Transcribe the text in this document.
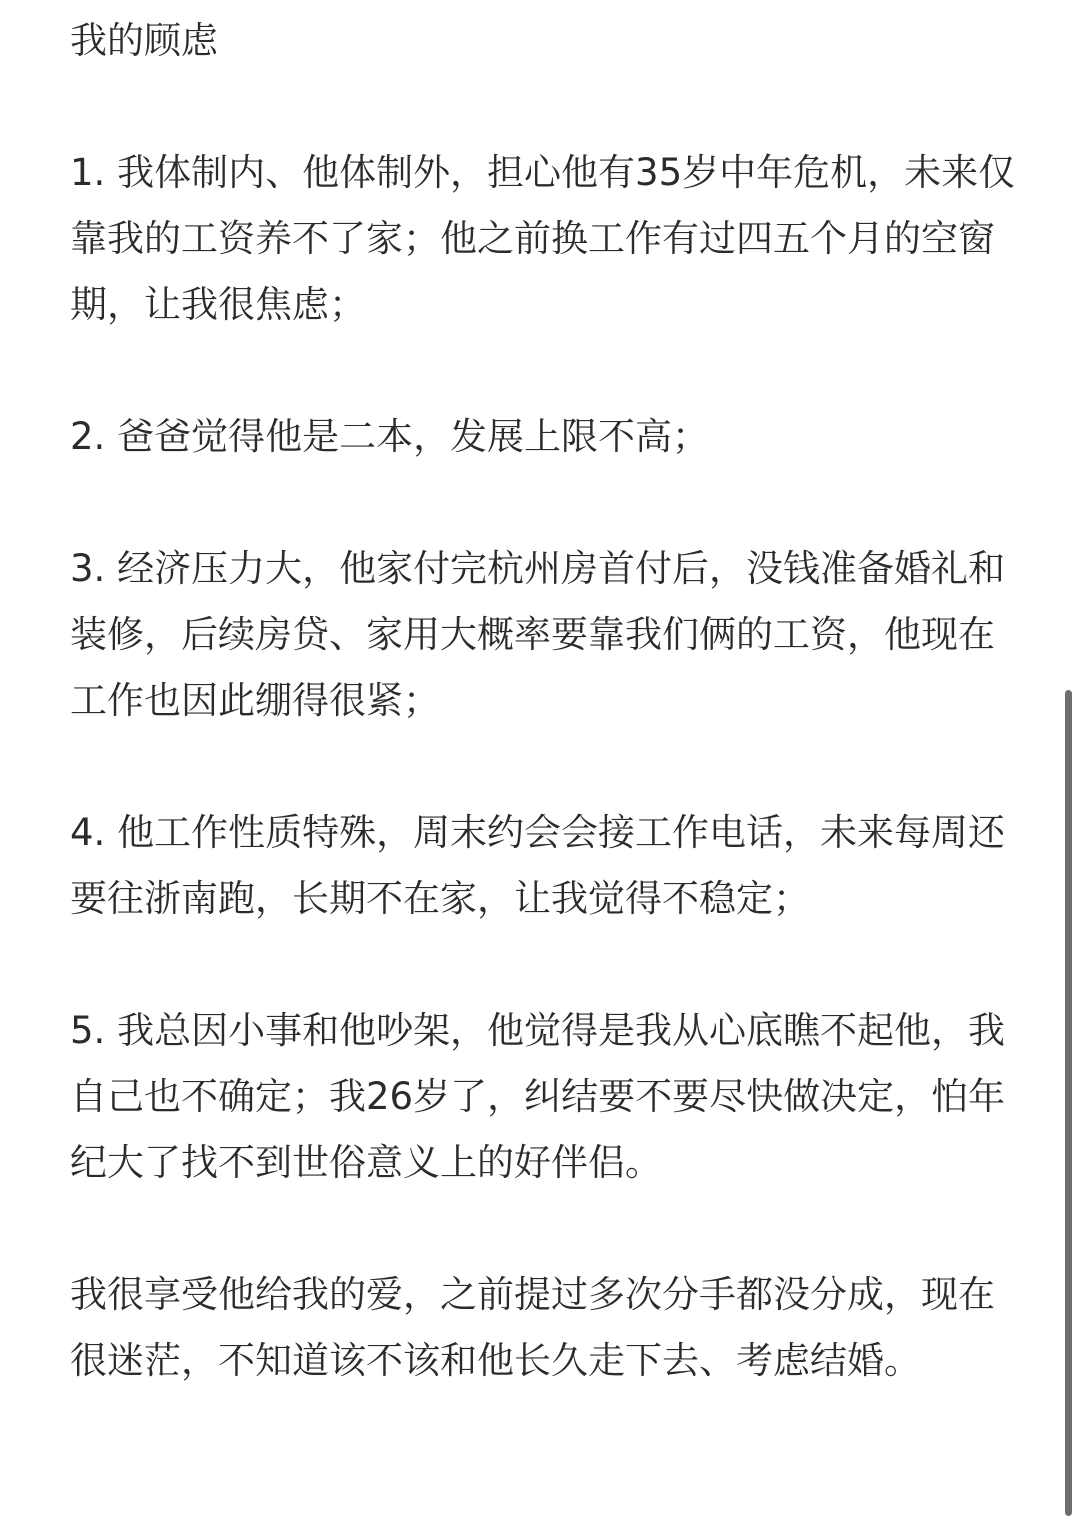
我的顾虑

1. 我体制内、他体制外，担心他有35岁中年危机，未来仅靠我的工资养不了家；他之前换工作有过四五个月的空窗期，让我很焦虑；

2. 爸爸觉得他是二本，发展上限不高；

3. 经济压力大，他家付完杭州房首付后，没钱准备婚礼和装修，后续房贷、家用大概率要靠我们俩的工资，他现在工作也因此绷得很紧；

4. 他工作性质特殊，周末约会会接工作电话，未来每周还要往浙南跑，长期不在家，让我觉得不稳定；

5. 我总因小事和他吵架，他觉得是我从心底瞧不起他，我自己也不确定；我26岁了，纠结要不要尽快做决定，怕年纪大了找不到世俗意义上的好伴侣。

我很享受他给我的爱，之前提过多次分手都没分成，现在很迷茫，不知道该不该和他长久走下去、考虑结婚。
